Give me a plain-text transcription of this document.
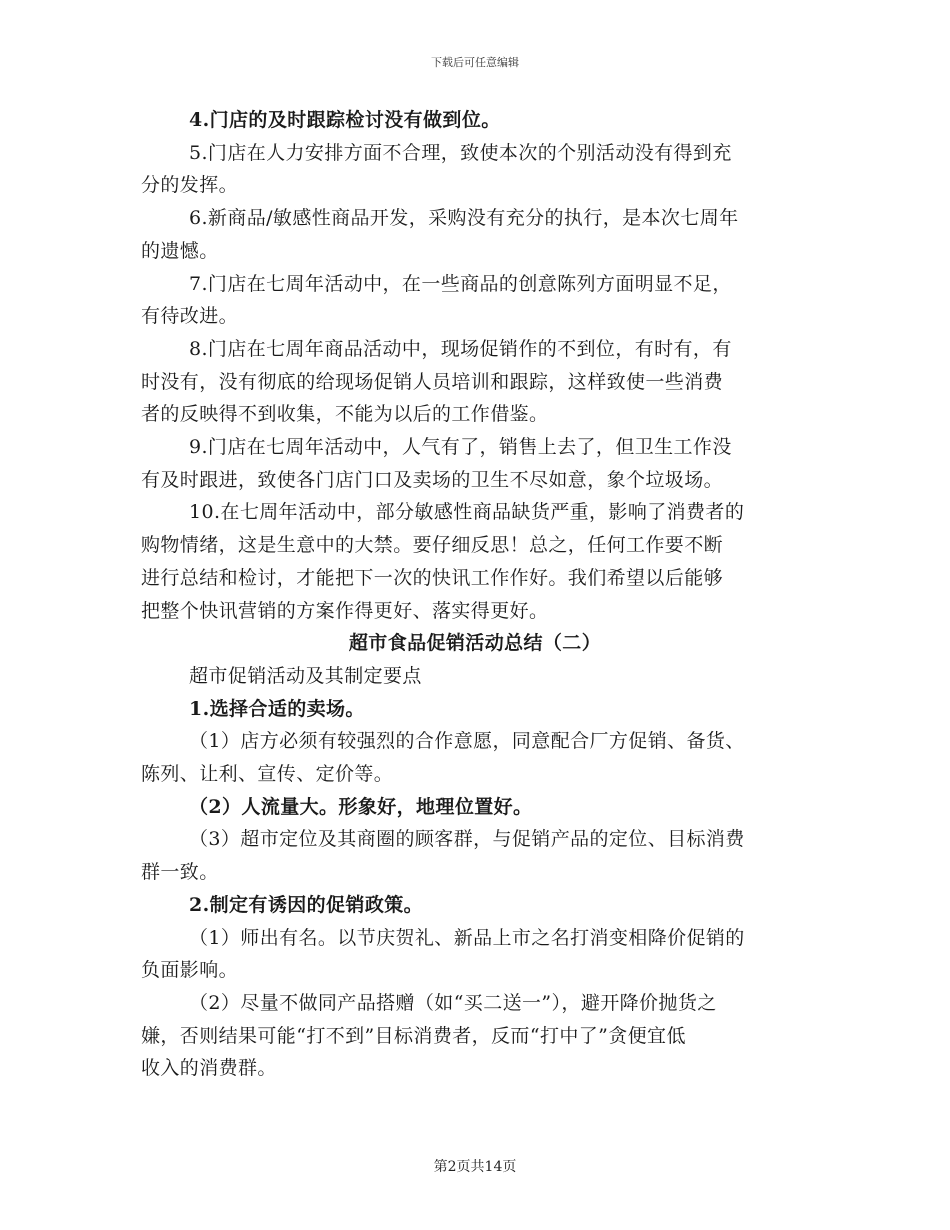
下载后可任意编辑
4.门店的及时跟踪检讨没有做到位。
5.门店在人力安排方面不合理，致使本次的个别活动没有得到充
分的发挥。
6.新商品/敏感性商品开发，采购没有充分的执行，是本次七周年
的遗憾。
7.门店在七周年活动中，在一些商品的创意陈列方面明显不足，
有待改进。
8.门店在七周年商品活动中，现场促销作的不到位，有时有，有
时没有，没有彻底的给现场促销人员培训和跟踪，这样致使一些消费
者的反映得不到收集，不能为以后的工作借鉴。
9.门店在七周年活动中，人气有了，销售上去了，但卫生工作没
有及时跟进，致使各门店门口及卖场的卫生不尽如意，象个垃圾场。
10.在七周年活动中，部分敏感性商品缺货严重，影响了消费者的
购物情绪，这是生意中的大禁。要仔细反思！总之，任何工作要不断
进行总结和检讨，才能把下一次的快讯工作作好。我们希望以后能够
把整个快讯营销的方案作得更好、落实得更好。
超市食品促销活动总结（二）
超市促销活动及其制定要点
1.选择合适的卖场。
（1）店方必须有较强烈的合作意愿，同意配合厂方促销、备货、
陈列、让利、宣传、定价等。
（2）人流量大。形象好，地理位置好。
（3）超市定位及其商圈的顾客群，与促销产品的定位、目标消费
群一致。
2.制定有诱因的促销政策。
（1）师出有名。以节庆贺礼、新品上市之名打消变相降价促销的
负面影响。
（2）尽量不做同产品搭赠（如“买二送一”），避开降价抛货之
嫌，否则结果可能“打不到”目标消费者，反而“打中了”贪便宜低
收入的消费群。
第2页共14页
